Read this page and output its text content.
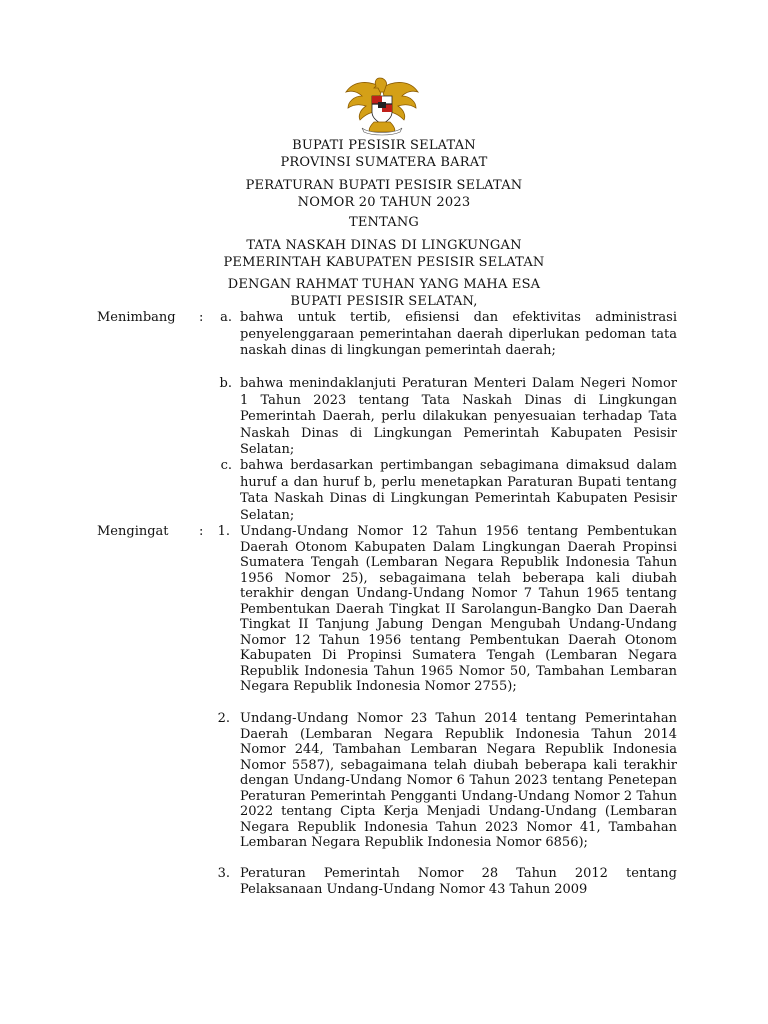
BUPATI PESISIR SELATAN
PROVINSI SUMATERA BARAT
PERATURAN BUPATI PESISIR SELATAN
NOMOR 20 TAHUN 2023
TENTANG
TATA NASKAH DINAS DI LINGKUNGAN
PEMERINTAH KABUPATEN PESISIR SELATAN
DENGAN RAHMAT TUHAN YANG MAHA ESA
BUPATI PESISIR SELATAN,
Menimbang	:	a. bahwa untuk tertib, efisiensi dan efektivitas administrasi penyelenggaraan pemerintahan daerah diperlukan pedoman tata naskah dinas di lingkungan pemerintah daerah;
b. bahwa menindaklanjuti Peraturan Menteri Dalam Negeri Nomor 1 Tahun 2023 tentang Tata Naskah Dinas di Lingkungan Pemerintah Daerah, perlu dilakukan penyesuaian terhadap Tata Naskah Dinas di Lingkungan Pemerintah Kabupaten Pesisir Selatan;
c. bahwa berdasarkan pertimbangan sebagimana dimaksud dalam huruf a dan huruf b, perlu menetapkan Paraturan Bupati tentang Tata Naskah Dinas di Lingkungan Pemerintah Kabupaten Pesisir Selatan;
Mengingat	:	1. Undang-Undang Nomor 12 Tahun 1956 tentang Pembentukan Daerah Otonom Kabupaten Dalam Lingkungan Daerah Propinsi Sumatera Tengah (Lembaran Negara Republik Indonesia Tahun 1956 Nomor 25), sebagaimana telah beberapa kali diubah terakhir dengan Undang-Undang Nomor 7 Tahun 1965 tentang Pembentukan Daerah Tingkat II Sarolangun-Bangko Dan Daerah Tingkat II Tanjung Jabung Dengan Mengubah Undang-Undang Nomor 12 Tahun 1956 tentang Pembentukan Daerah Otonom Kabupaten Di Propinsi Sumatera Tengah (Lembaran Negara Republik Indonesia Tahun 1965 Nomor 50, Tambahan Lembaran Negara Republik Indonesia Nomor 2755);
2. Undang-Undang Nomor 23 Tahun 2014 tentang Pemerintahan Daerah (Lembaran Negara Republik Indonesia Tahun 2014 Nomor 244, Tambahan Lembaran Negara Republik Indonesia Nomor 5587), sebagaimana telah diubah beberapa kali terakhir dengan Undang-Undang Nomor 6 Tahun 2023 tentang Penetepan Peraturan Pemerintah Pengganti Undang-Undang Nomor 2 Tahun 2022 tentang Cipta Kerja Menjadi Undang-Undang (Lembaran Negara Republik Indonesia Tahun 2023 Nomor 41, Tambahan Lembaran Negara Republik Indonesia Nomor 6856);
3. Peraturan Pemerintah Nomor 28 Tahun 2012 tentang Pelaksanaan Undang-Undang Nomor 43 Tahun 2009
